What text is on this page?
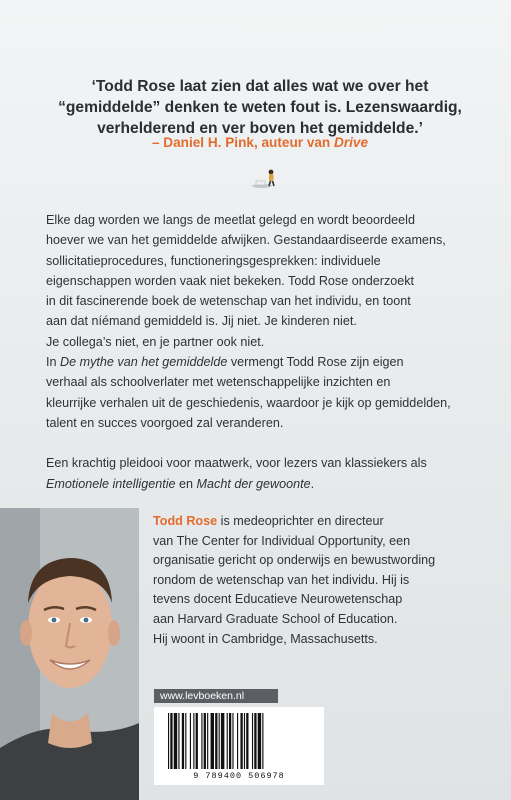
‘Todd Rose laat zien dat alles wat we over het
“gemiddelde” denken te weten fout is. Lezenswaardig,
verhelderend en ver boven het gemiddelde.’
– Daniel H. Pink, auteur van Drive
Elke dag worden we langs de meetlat gelegd en wordt beoordeeld
hoever we van het gemiddelde afwijken. Gestandaardiseerde examens,
sollicitatieprocedures, functioneringsgesprekken: individuele
eigenschappen worden vaak niet bekeken. Todd Rose onderzoekt
in dit fascinerende boek de wetenschap van het individu, en toont
aan dat níémand gemiddeld is. Jij niet. Je kinderen niet.
Je collega’s niet, en je partner ook niet.
In De mythe van het gemiddelde vermengt Todd Rose zijn eigen
verhaal als schoolverlater met wetenschappelijke inzichten en
kleurrijke verhalen uit de geschiedenis, waardoor je kijk op gemiddelden,
talent en succes voorgoed zal veranderen.
Een krachtig pleidooi voor maatwerk, voor lezers van klassiekers als
Emotionele intelligentie en Macht der gewoonte.
Todd Rose is medeoprichter en directeur
van The Center for Individual Opportunity, een
organisatie gericht op onderwijs en bewustwording
rondom de wetenschap van het individu. Hij is
tevens docent Educatieve Neurowetenschap
aan Harvard Graduate School of Education.
Hij woont in Cambridge, Massachusetts.
www.levboeken.nl
9 789400 506978
